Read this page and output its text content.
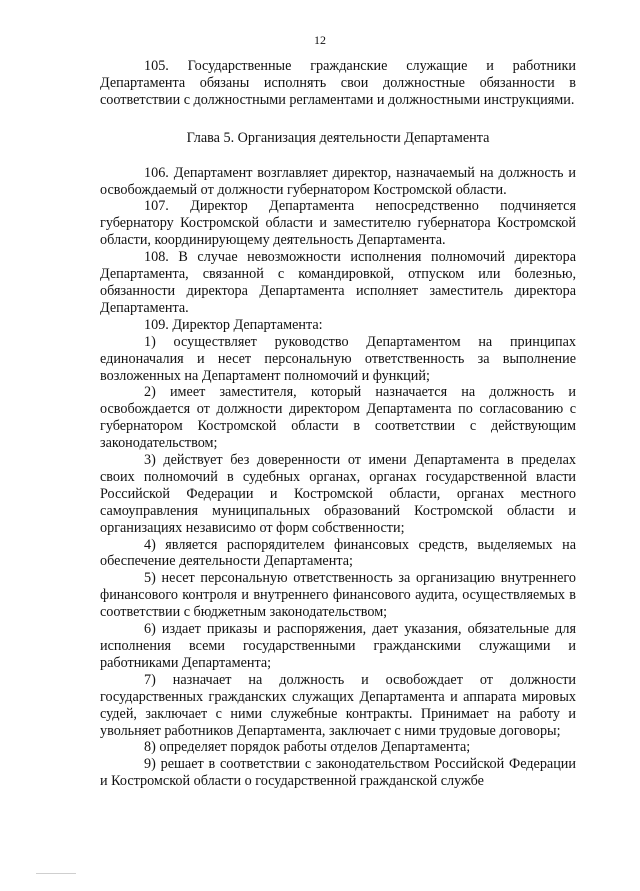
12

105. Государственные гражданские служащие и работники Департамента обязаны исполнять свои должностные обязанности в соответствии с должностными регламентами и должностными инструкциями.

Глава 5. Организация деятельности Департамента

106. Департамент возглавляет директор, назначаемый на должность и освобождаемый от должности губернатором Костромской области.

107. Директор Департамента непосредственно подчиняется губернатору Костромской области и заместителю губернатора Костромской области, координирующему деятельность Департамента.

108. В случае невозможности исполнения полномочий директора Департамента, связанной с командировкой, отпуском или болезнью, обязанности директора Департамента исполняет заместитель директора Департамента.

109. Директор Департамента:

1) осуществляет руководство Департаментом на принципах единоначалия и несет персональную ответственность за выполнение возложенных на Департамент полномочий и функций;

2) имеет заместителя, который назначается на должность и освобождается от должности директором Департамента по согласованию с губернатором Костромской области в соответствии с действующим законодательством;

3) действует без доверенности от имени Департамента в пределах своих полномочий в судебных органах, органах государственной власти Российской Федерации и Костромской области, органах местного самоуправления муниципальных образований Костромской области и организациях независимо от форм собственности;

4) является распорядителем финансовых средств, выделяемых на обеспечение деятельности Департамента;

5) несет персональную ответственность за организацию внутреннего финансового контроля и внутреннего финансового аудита, осуществляемых в соответствии с бюджетным законодательством;

6) издает приказы и распоряжения, дает указания, обязательные для исполнения всеми государственными гражданскими служащими и работниками Департамента;

7) назначает на должность и освобождает от должности государственных гражданских служащих Департамента и аппарата мировых судей, заключает с ними служебные контракты. Принимает на работу и увольняет работников Департамента, заключает с ними трудовые договоры;

8) определяет порядок работы отделов Департамента;

9) решает в соответствии с законодательством Российской Федерации и Костромской области о государственной гражданской службе
